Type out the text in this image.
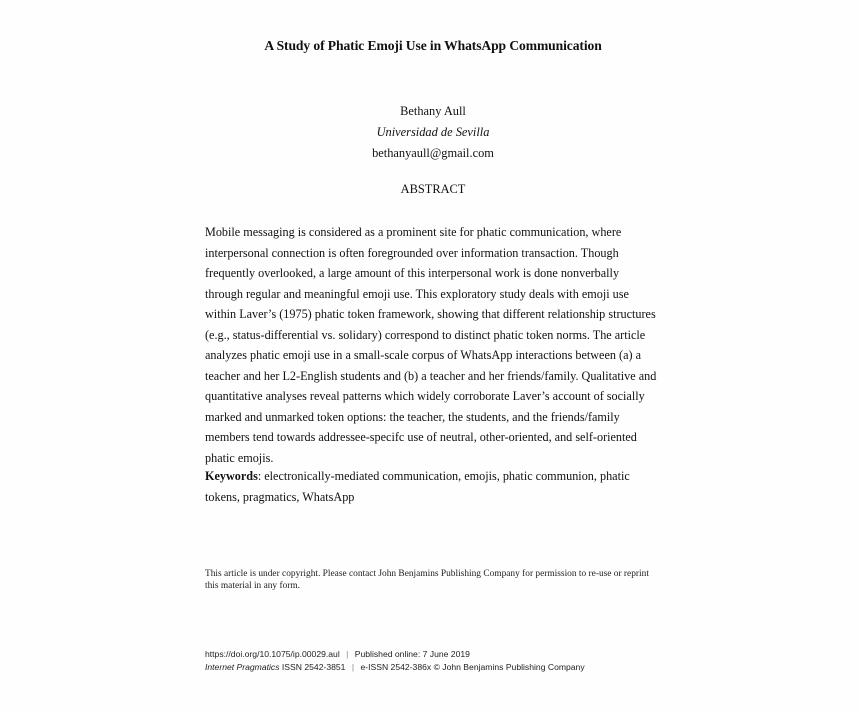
A Study of Phatic Emoji Use in WhatsApp Communication
Bethany Aull
Universidad de Sevilla
bethanyaull@gmail.com
ABSTRACT

Mobile messaging is considered as a prominent site for phatic communication, where interpersonal connection is often foregrounded over information transaction. Though frequently overlooked, a large amount of this interpersonal work is done nonverbally through regular and meaningful emoji use. This exploratory study deals with emoji use within Laver’s (1975) phatic token framework, showing that different relationship structures (e.g., status-differential vs. solidary) correspond to distinct phatic token norms. The article analyzes phatic emoji use in a small-scale corpus of WhatsApp interactions between (a) a teacher and her L2-English students and (b) a teacher and her friends/family. Qualitative and quantitative analyses reveal patterns which widely corroborate Laver’s account of socially marked and unmarked token options: the teacher, the students, and the friends/family members tend towards addressee-specifc use of neutral, other-oriented, and self-oriented phatic emojis.

Keywords: electronically-mediated communication, emojis, phatic communion, phatic tokens, pragmatics, WhatsApp

This article is under copyright. Please contact John Benjamins Publishing Company for permission to re-use or reprint this material in any form.

https://doi.org/10.1075/ip.00029.aul | Published online: 7 June 2019
Internet Pragmatics ISSN 2542-3851 | e-ISSN 2542-386x © John Benjamins Publishing Company
